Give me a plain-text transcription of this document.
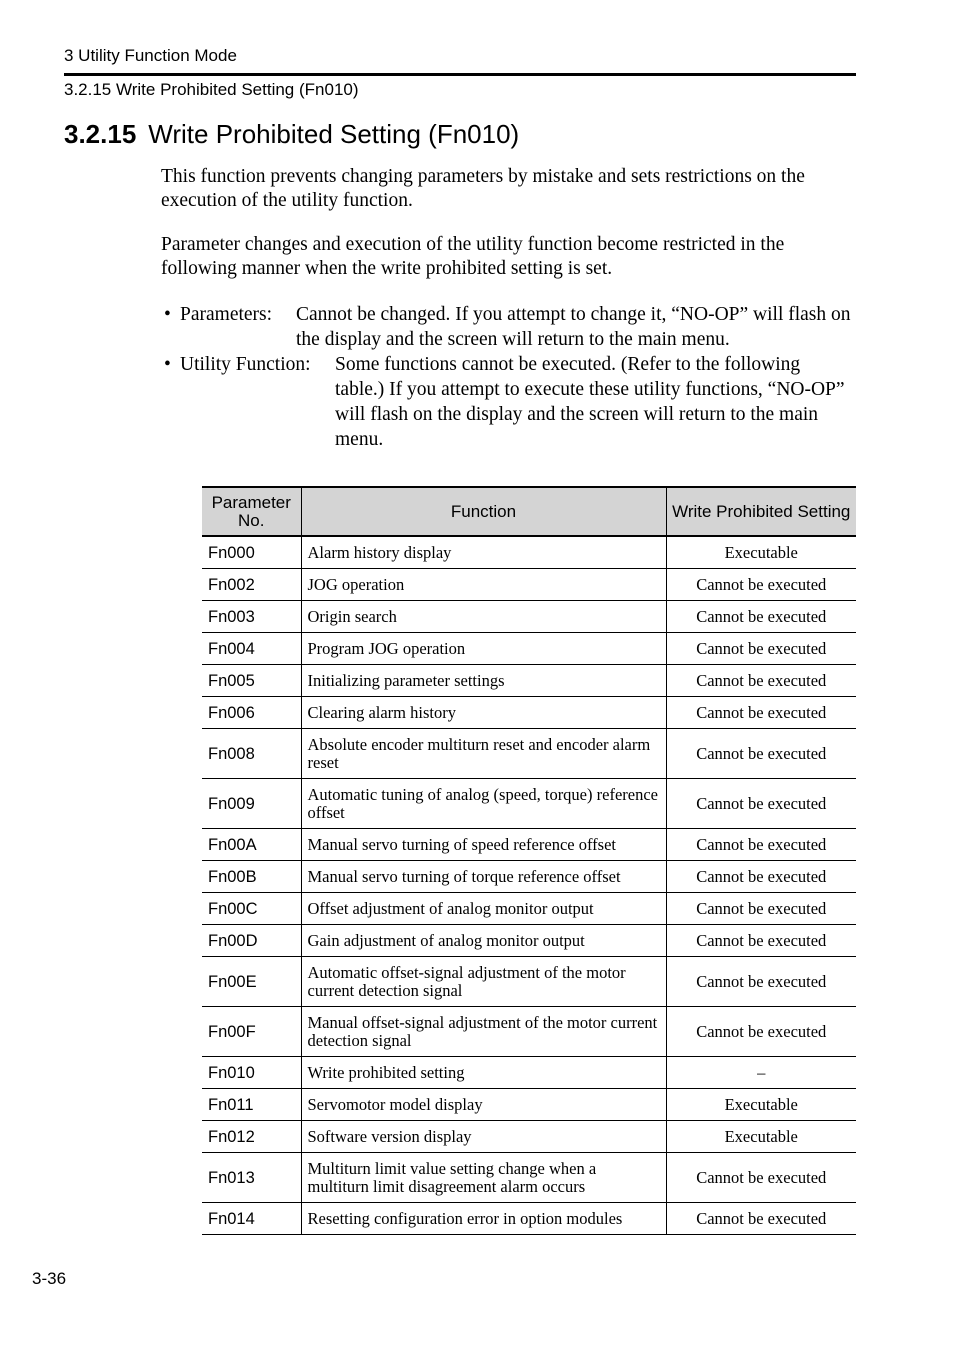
3 Utility Function Mode
3.2.15 Write Prohibited Setting (Fn010)
3.2.15 Write Prohibited Setting (Fn010)

This function prevents changing parameters by mistake and sets restrictions on the execution of the utility function.

Parameter changes and execution of the utility function become restricted in the following manner when the write prohibited setting is set.

• Parameters: Cannot be changed. If you attempt to change it, “NO-OP” will flash on the display and the screen will return to the main menu.

• Utility Function: Some functions cannot be executed. (Refer to the following table.) If you attempt to execute these utility functions, “NO-OP” will flash on the display and the screen will return to the main menu.

Parameter No.	Function	Write Prohibited Setting
Fn000	Alarm history display	Executable
Fn002	JOG operation	Cannot be executed
Fn003	Origin search	Cannot be executed
Fn004	Program JOG operation	Cannot be executed
Fn005	Initializing parameter settings	Cannot be executed
Fn006	Clearing alarm history	Cannot be executed
Fn008	Absolute encoder multiturn reset and encoder alarm reset	Cannot be executed
Fn009	Automatic tuning of analog (speed, torque) reference offset	Cannot be executed
Fn00A	Manual servo turning of speed reference offset	Cannot be executed
Fn00B	Manual servo turning of torque reference offset	Cannot be executed
Fn00C	Offset adjustment of analog monitor output	Cannot be executed
Fn00D	Gain adjustment of analog monitor output	Cannot be executed
Fn00E	Automatic offset-signal adjustment of the motor current detection signal	Cannot be executed
Fn00F	Manual offset-signal adjustment of the motor current detection signal	Cannot be executed
Fn010	Write prohibited setting	–
Fn011	Servomotor model display	Executable
Fn012	Software version display	Executable
Fn013	Multiturn limit value setting change when a multiturn limit disagreement alarm occurs	Cannot be executed
Fn014	Resetting configuration error in option modules	Cannot be executed
3-36
